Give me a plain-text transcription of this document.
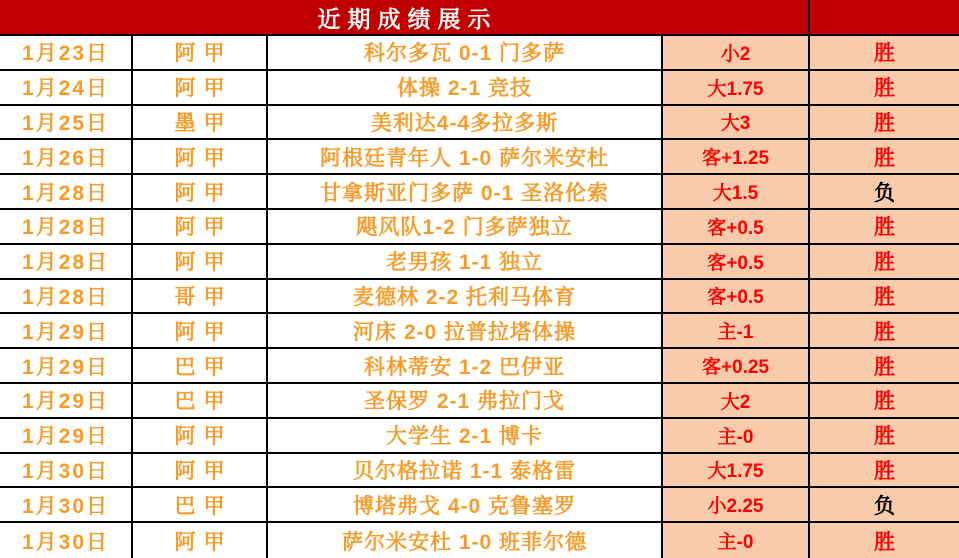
近期成绩展示
1月23日	阿甲	科尔多瓦 0-1 门多萨	小2	胜
1月24日	阿甲	体操 2-1 竞技	大1.75	胜
1月25日	墨甲	美利达4-4多拉多斯	大3	胜
1月26日	阿甲	阿根廷青年人 1-0 萨尔米安杜	客+1.25	胜
1月28日	阿甲	甘拿斯亚门多萨 0-1 圣洛伦索	大1.5	负
1月28日	阿甲	飓风队1-2 门多萨独立	客+0.5	胜
1月28日	阿甲	老男孩 1-1 独立	客+0.5	胜
1月28日	哥甲	麦德林 2-2 托利马体育	客+0.5	胜
1月29日	阿甲	河床 2-0 拉普拉塔体操	主-1	胜
1月29日	巴甲	科林蒂安 1-2 巴伊亚	客+0.25	胜
1月29日	巴甲	圣保罗 2-1 弗拉门戈	大2	胜
1月29日	阿甲	大学生 2-1 博卡	主-0	胜
1月30日	阿甲	贝尔格拉诺 1-1 泰格雷	大1.75	胜
1月30日	巴甲	博塔弗戈 4-0 克鲁塞罗	小2.25	负
1月30日	阿甲	萨尔米安杜 1-0 班菲尔德	主-0	胜
